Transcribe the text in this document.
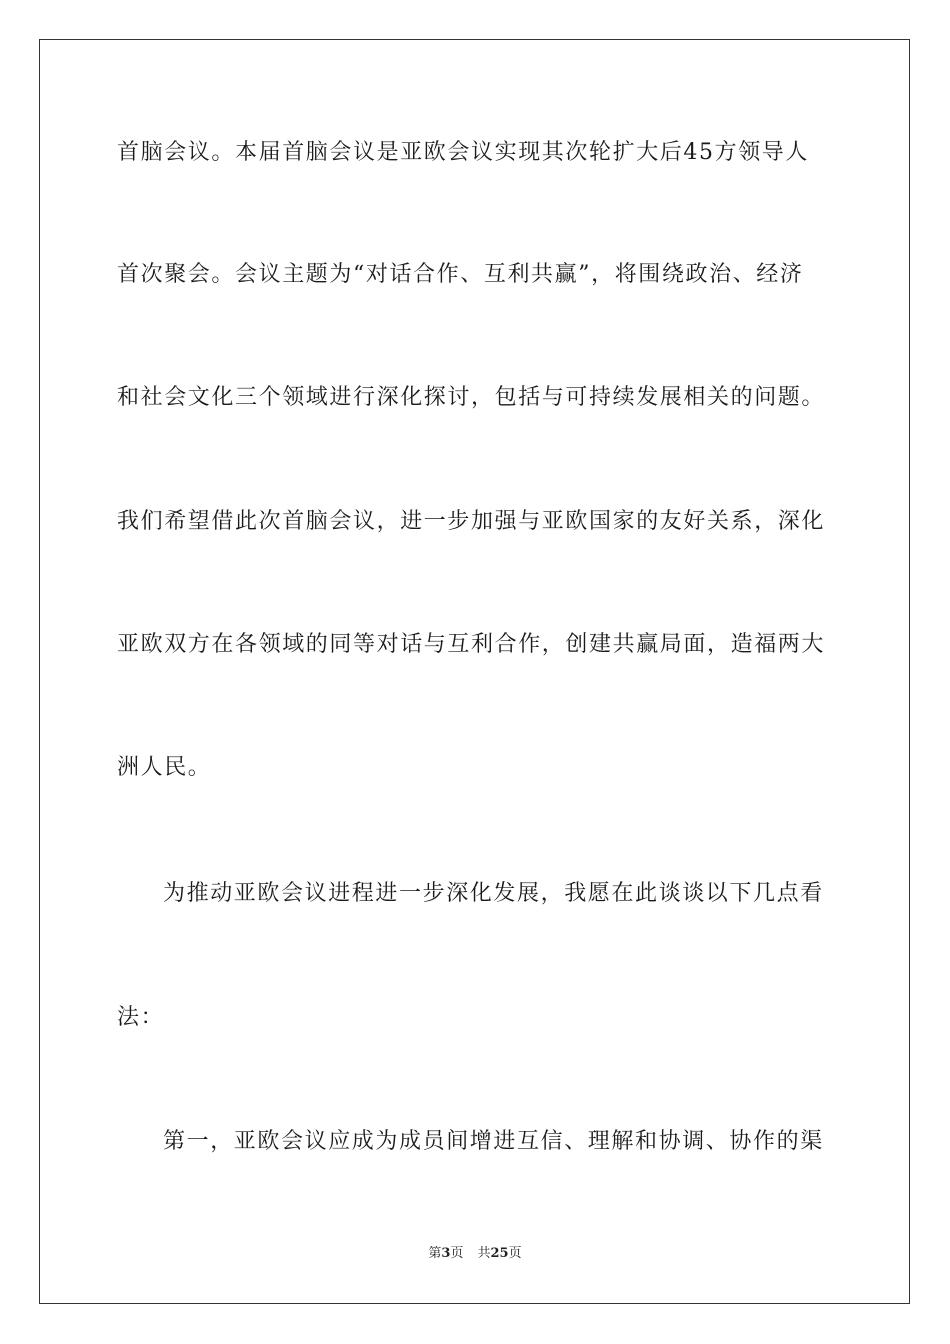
首脑会议。本届首脑会议是亚欧会议实现其次轮扩大后45方领导人

首次聚会。会议主题为“对话合作、互利共赢”，将围绕政治、经济

和社会文化三个领域进行深化探讨，包括与可持续发展相关的问题。

我们希望借此次首脑会议，进一步加强与亚欧国家的友好关系，深化

亚欧双方在各领域的同等对话与互利合作，创建共赢局面，造福两大

洲人民。

为推动亚欧会议进程进一步深化发展，我愿在此谈谈以下几点看

法：

第一，亚欧会议应成为成员间增进互信、理解和协调、协作的渠

第3页 共25页
